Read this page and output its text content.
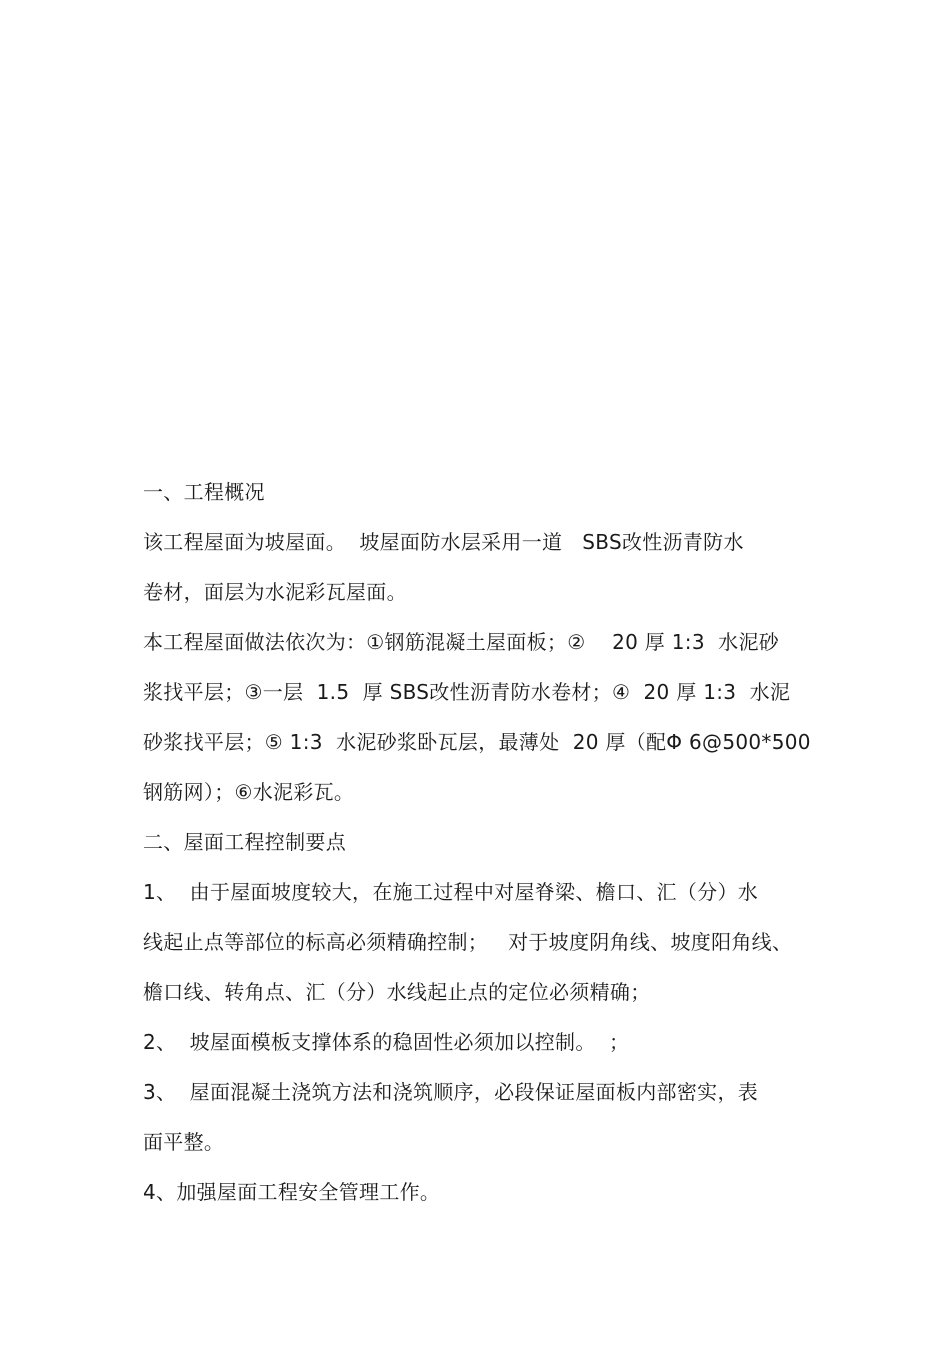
一、工程概况
该工程屋面为坡屋面。  坡屋面防水层采用一道   SBS改性沥青防水
卷材，面层为水泥彩瓦屋面。
本工程屋面做法依次为：①钢筋混凝土屋面板；②    20 厚 1:3  水泥砂
浆找平层；③一层  1.5  厚 SBS改性沥青防水卷材；④  20 厚 1:3  水泥
砂浆找平层；⑤ 1:3  水泥砂浆卧瓦层，最薄处  20 厚（配Φ 6@500*500
钢筋网）；⑥水泥彩瓦。
二、屋面工程控制要点
1、  由于屋面坡度较大，在施工过程中对屋脊梁、檐口、汇（分）水
线起止点等部位的标高必须精确控制；   对于坡度阴角线、坡度阳角线、
檐口线、转角点、汇（分）水线起止点的定位必须精确；
2、  坡屋面模板支撑体系的稳固性必须加以控制。  ；
3、  屋面混凝土浇筑方法和浇筑顺序，必段保证屋面板内部密实，表
面平整。
4、加强屋面工程安全管理工作。
